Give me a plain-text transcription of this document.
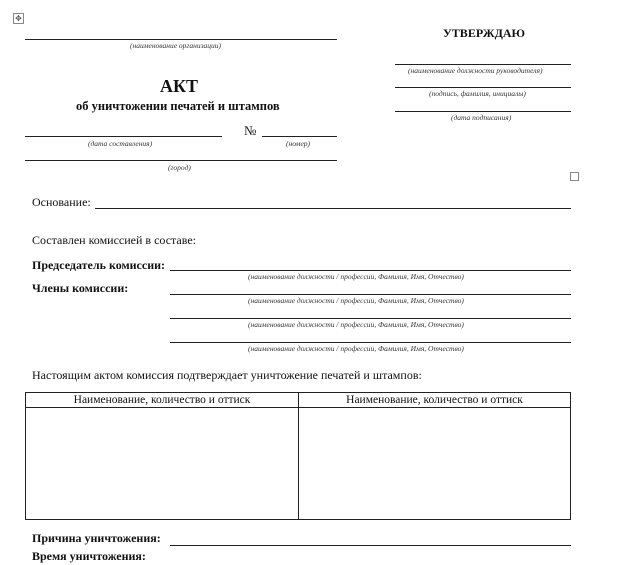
✥
(наименование организации)
УТВЕРЖДАЮ
(наименование должности руководителя)
(подпись, фамилия, инициалы)
(дата подписания)
АКТ
об уничтожении печатей и штампов
№
(дата составления)	(номер)
(город)
Основание:
Составлен комиссией в составе:
Председатель комиссии:
(наименование должности / профессии, Фамилия, Имя, Отчество)
Члены комиссии:
(наименование должности / профессии, Фамилия, Имя, Отчество)
(наименование должности / профессии, Фамилия, Имя, Отчество)
(наименование должности / профессии, Фамилия, Имя, Отчество)
Настоящим актом комиссия подтверждает уничтожение печатей и штампов:
Наименование, количество и оттиск	Наименование, количество и оттиск

Причина уничтожения:
Время уничтожения:
